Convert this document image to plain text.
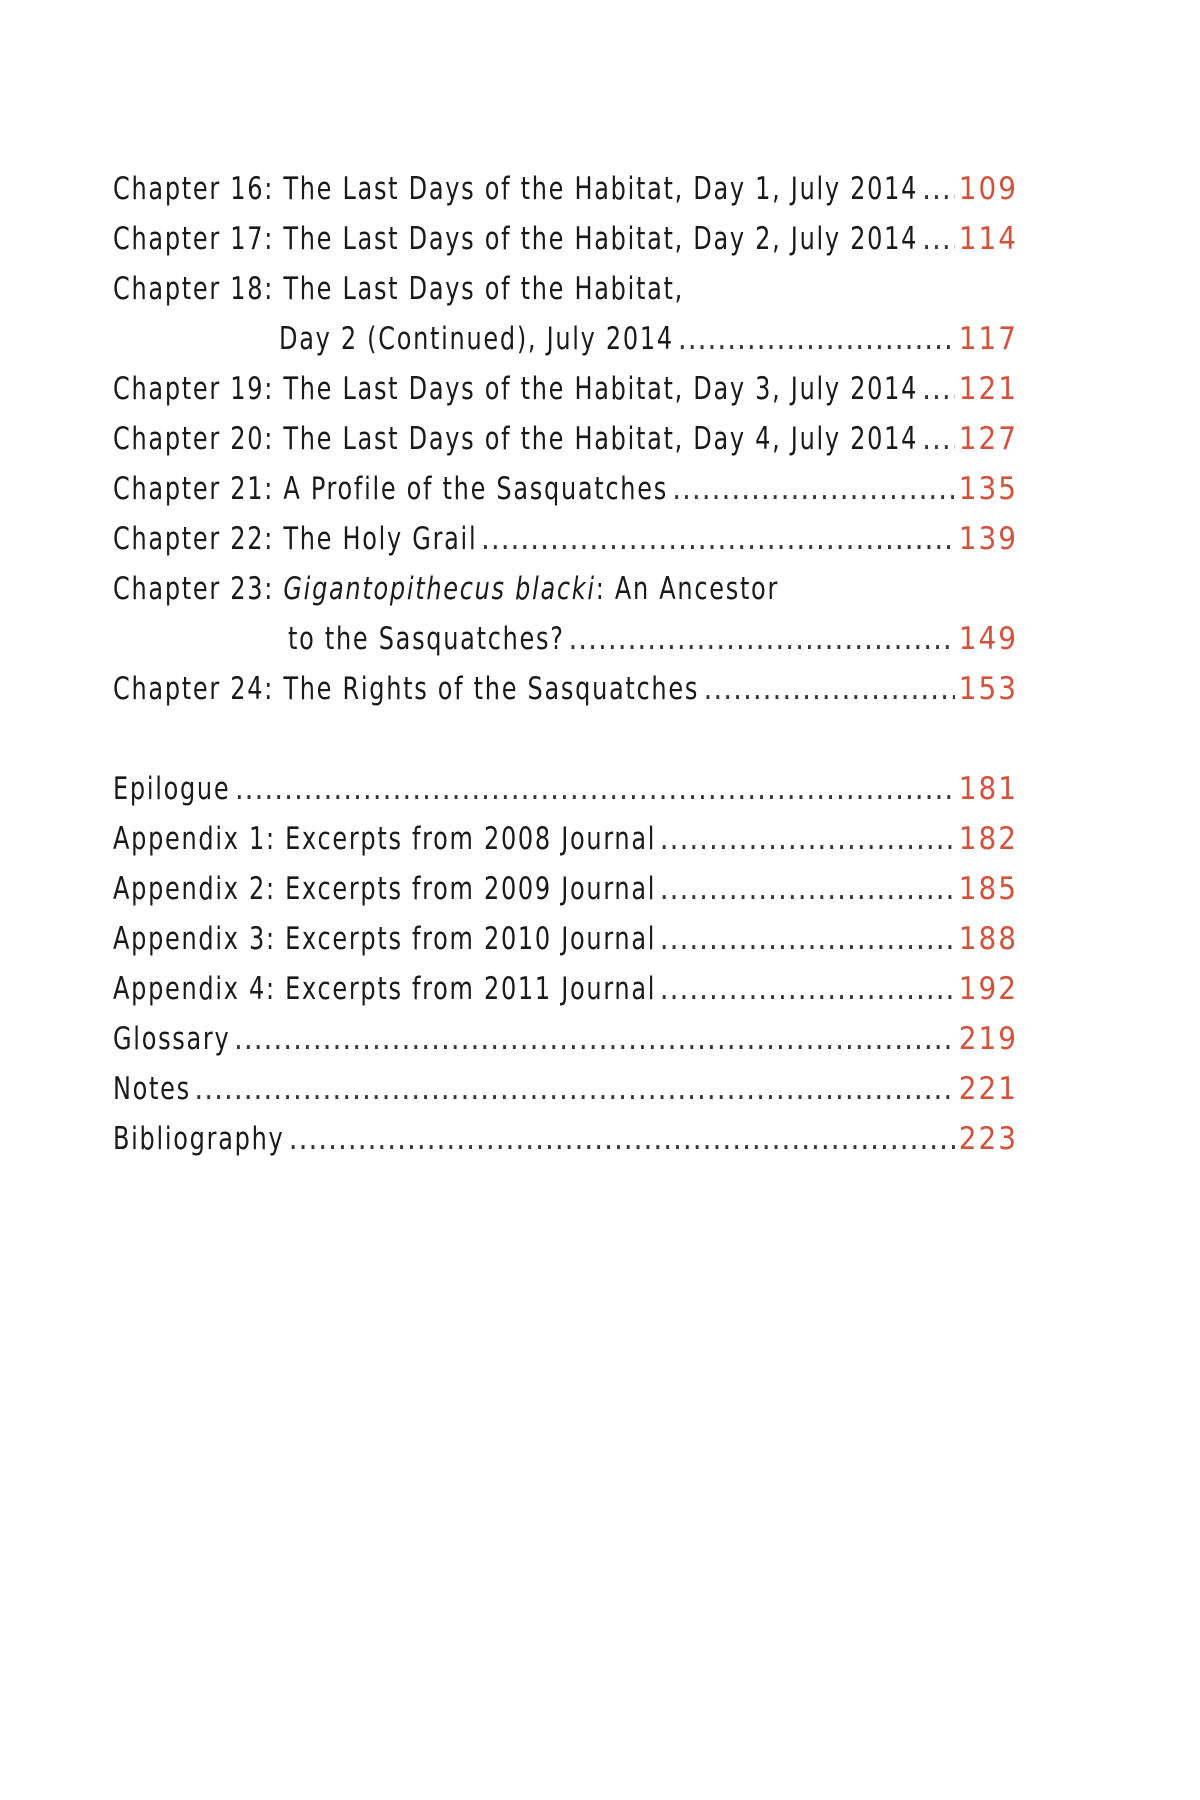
Chapter 16: The Last Days of the Habitat, Day 1, July 2014 ..... 109
Chapter 17: The Last Days of the Habitat, Day 2, July 2014 ..... 114
Chapter 18: The Last Days of the Habitat,
Day 2 (Continued), July 2014 .....	117
Chapter 19: The Last Days of the Habitat, Day 3, July 2014 ..... 121
Chapter 20: The Last Days of the Habitat, Day 4, July 2014 ..... 127
Chapter 21: A Profile of the Sasquatches .....	135
Chapter 22: The Holy Grail .....	139
Chapter 23: Gigantopithecus blacki: An Ancestor
to the Sasquatches? .....	149
Chapter 24: The Rights of the Sasquatches .....	153
Epilogue .....	181
Appendix 1: Excerpts from 2008 Journal .....	182
Appendix 2: Excerpts from 2009 Journal .....	185
Appendix 3: Excerpts from 2010 Journal .....	188
Appendix 4: Excerpts from 2011 Journal .....	192
Glossary .....	219
Notes .....	221
Bibliography .....	223
